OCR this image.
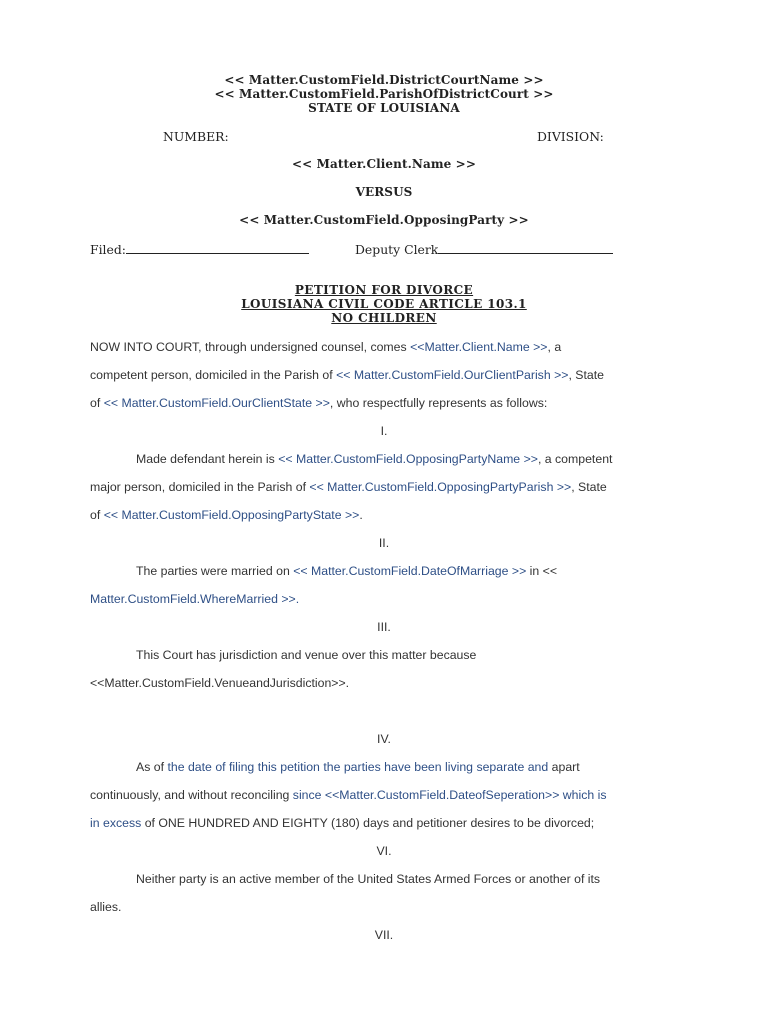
<< Matter.CustomField.DistrictCourtName >>
<< Matter.CustomField.ParishOfDistrictCourt >>
STATE OF LOUISIANA
NUMBER:	DIVISION:
<< Matter.Client.Name >>
VERSUS
<< Matter.CustomField.OpposingParty >>
Filed:	Deputy Clerk
PETITION FOR DIVORCE
LOUISIANA CIVIL CODE ARTICLE 103.1
NO CHILDREN
NOW INTO COURT, through undersigned counsel, comes <<Matter.Client.Name >>, a
competent person, domiciled in the Parish of << Matter.CustomField.OurClientParish >>, State
of << Matter.CustomField.OurClientState >>, who respectfully represents as follows:
I.
Made defendant herein is << Matter.CustomField.OpposingPartyName >>, a competent
major person, domiciled in the Parish of << Matter.CustomField.OpposingPartyParish >>, State
of << Matter.CustomField.OpposingPartyState >>.
II.
The parties were married on << Matter.CustomField.DateOfMarriage >> in <<
Matter.CustomField.WhereMarried >>.
III.
This Court has jurisdiction and venue over this matter because
<<Matter.CustomField.VenueandJurisdiction>>.
IV.
As of the date of filing this petition the parties have been living separate and apart
continuously, and without reconciling since <<Matter.CustomField.DateofSeperation>> which is
in excess of ONE HUNDRED AND EIGHTY (180) days and petitioner desires to be divorced;
VI.
Neither party is an active member of the United States Armed Forces or another of its
allies.
VII.
